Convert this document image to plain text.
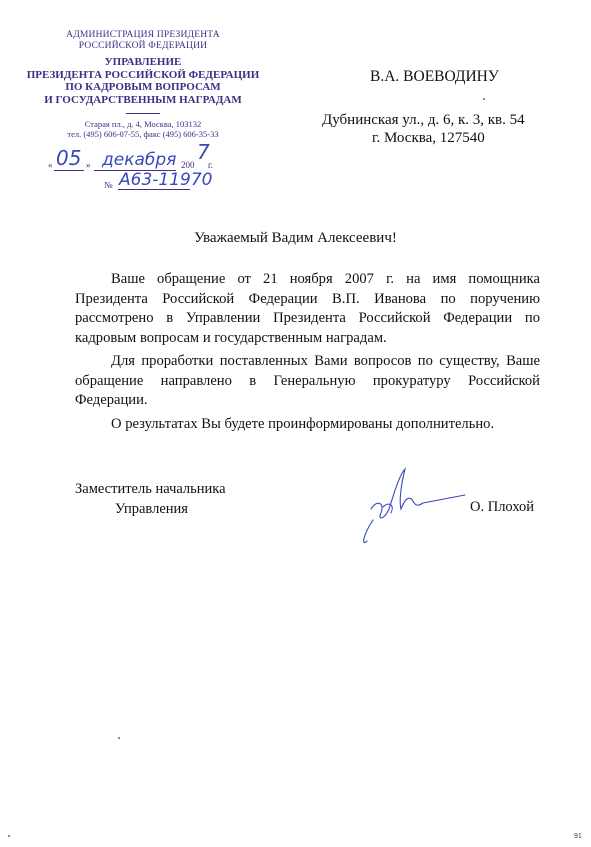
АДМИНИСТРАЦИЯ ПРЕЗИДЕНТА
РОССИЙСКОЙ ФЕДЕРАЦИИ
УПРАВЛЕНИЕ
ПРЕЗИДЕНТА РОССИЙСКОЙ ФЕДЕРАЦИИ
ПО КАДРОВЫМ ВОПРОСАМ
И ГОСУДАРСТВЕННЫМ НАГРАДАМ
Старая пл., д. 4, Москва, 103132
тел. (495) 606-07-55, факс (495) 606-35-33
« 05 » декабря 200
7
г.
№ А63-11970
В.А. ВОЕВОДИНУ
Дубнинская ул., д. 6, к. 3, кв. 54
г. Москва, 127540
Уважаемый Вадим Алексеевич!

Ваше обращение от 21 ноября 2007 г. на имя помощника Президента Российской Федерации В.П. Иванова по поручению рассмотрено в Управлении Президента Российской Федерации по кадровым вопросам и государственным наградам.

Для проработки поставленных Вами вопросов по существу, Ваше обращение направлено в Генеральную прокуратуру Российской Федерации.

О результатах Вы будете проинформированы дополнительно.

Заместитель начальника
Управления	О. Плохой
91
